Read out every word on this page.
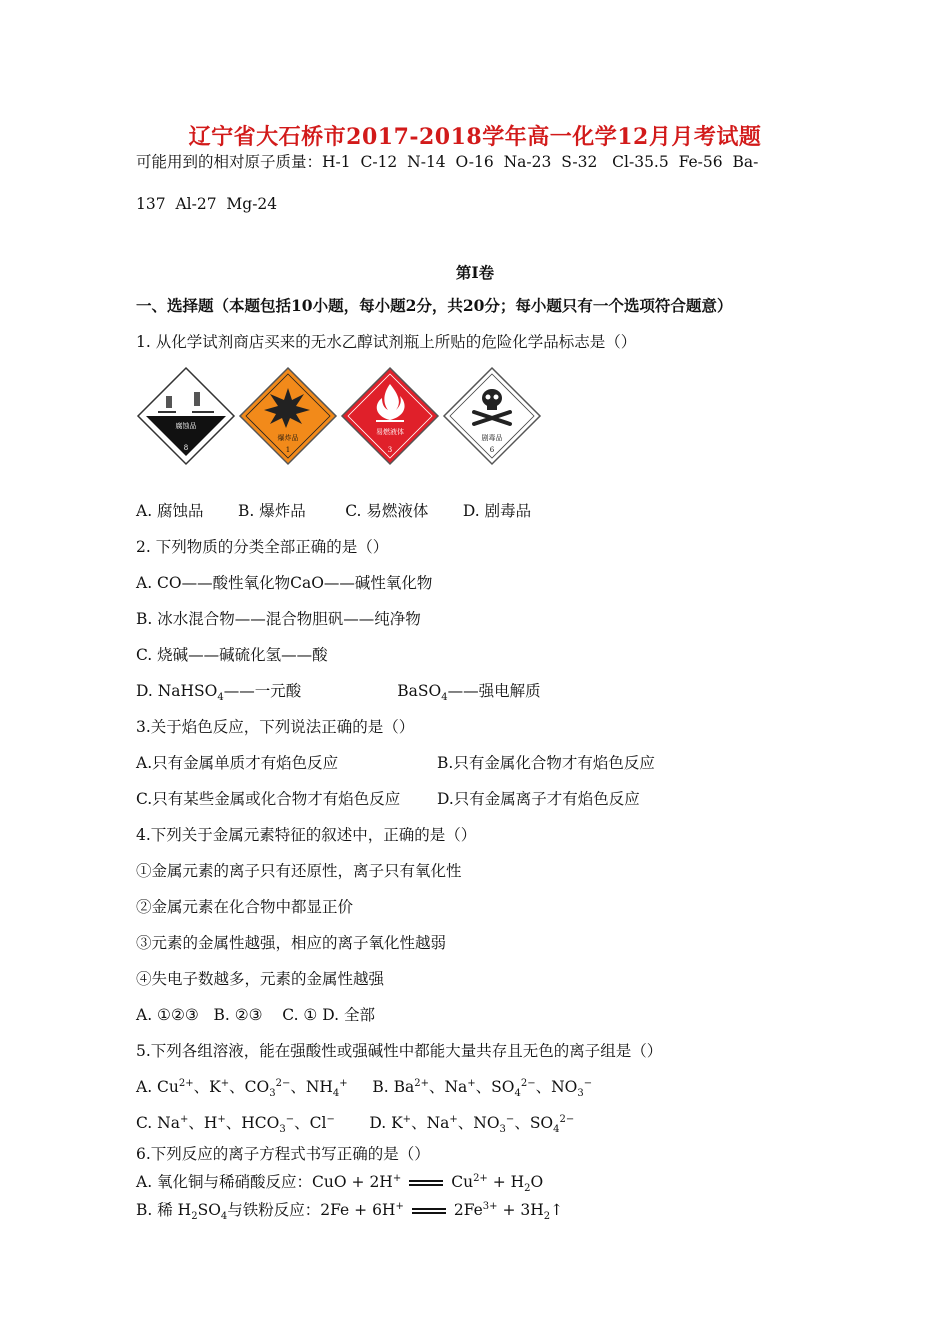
辽宁省大石桥市2017-2018学年高一化学12月月考试题
可能用到的相对原子质量：H-1  C-12  N-14  O-16  Na-23  S-32   Cl-35.5  Fe-56  Ba-
137  Al-27  Mg-24
第I卷
一、选择题（本题包括10小题，每小题2分，共20分；每小题只有一个选项符合题意）
1. 从化学试剂商店买来的无水乙醇试剂瓶上所贴的危险化学品标志是（）
腐蚀品
8
爆炸品
1
易燃液体
3
剧毒品
6
A. 腐蚀品       B. 爆炸品        C. 易燃液体       D. 剧毒品
2. 下列物质的分类全部正确的是（）
A. CO——酸性氧化物CaO——碱性氧化物
B. 冰水混合物——混合物胆矾——纯净物
C. 烧碱——碱硫化氢——酸
D. NaHSO$_4$——一元酸	BaSO$_4$——强电解质
3.关于焰色反应，下列说法正确的是（）
A.只有金属单质才有焰色反应	B.只有金属化合物才有焰色反应
C.只有某些金属或化合物才有焰色反应 D.只有金属离子才有焰色反应
4.下列关于金属元素特征的叙述中，正确的是（）
①金属元素的离子只有还原性，离子只有氧化性
②金属元素在化合物中都显正价
③元素的金属性越强，相应的离子氧化性越弱
④失电子数越多，元素的金属性越强
A. ①②③   B. ②③    C. ① D. 全部
5.下列各组溶液，能在强酸性或强碱性中都能大量共存且无色的离子组是（）
A. $Cu^{2+}$、K+、$CO_3^{2-}$、$NH_4^+$     B. $Ba^{2+}$、Na+、$SO_4^{2-}$、$NO_3^-$
C. Na+、H+、$HCO_3^-$、Cl−       D. K+、Na+、$NO_3^-$、$SO_4^{2-}$
6.下列反应的离子方程式书写正确的是（）
A. 氧化铜与稀硝酸反应：CuO + 2H+	$Cu^{2+} + H_2O$
B. 稀 $H_2SO_4$与铁粉反应：2Fe + 6H+	$2Fe^{3+}$ + $3H_2↑$
